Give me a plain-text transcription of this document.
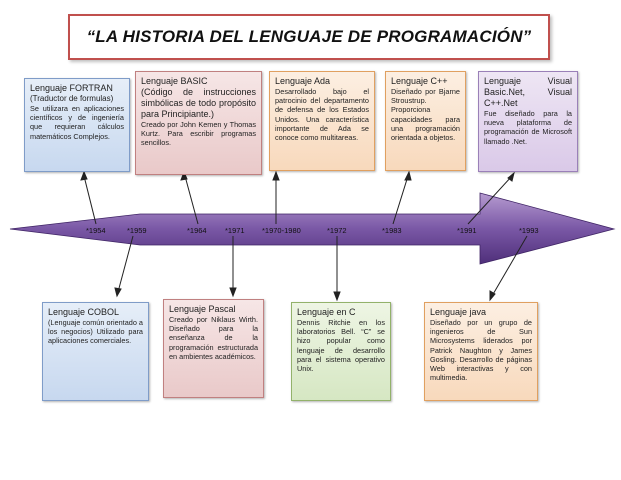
“LA HISTORIA DEL LENGUAJE DE PROGRAMACIÓN”
*1954	*1959	*1964 *1971 *1970-1980	*1972	*1983	*1991	*1993
Lenguaje FORTRAN
(Traductor de formulas)
Se utilizara en aplicaciones científicos y de ingeniería que requieran cálculos matemáticos Complejos.
Lenguaje BASIC
(Código de instrucciones simbólicas de todo propósito para Principiante.)
Creado por John Kemen y Thomas Kurtz. Para escribir programas sencillos.
Lenguaje Ada
Desarrollado bajo el patrocinio del departamento de defensa de los Estados Unidos. Una característica importante de Ada se conoce como multitareas.
Lenguaje C++
Diseñado por Bjarne Stroustrup. Proporciona capacidades para una programación orientada a objetos.
Lenguaje Visual Basic.Net, Visual C++.Net
Fue diseñado para la nueva plataforma de programación de Microsoft llamado .Net.
Lenguaje COBOL
(Lenguaje común orientado a los negocios) Utilizado para aplicaciones comerciales.
Lenguaje Pascal
Creado por Niklaus Wirth. Diseñado para la enseñanza de la programación estructurada en ambientes académicos.
Lenguaje en C
Dennis Ritchie en los laboratorios Bell. “C” se hizo popular como lenguaje de desarrollo para el sistema operativo Unix.
Lenguaje java
Diseñado por un grupo de ingenieros de Sun Microsystems liderados por Patrick Naughton y James Gosling. Desarrollo de páginas Web interactivas y con multimedia.
